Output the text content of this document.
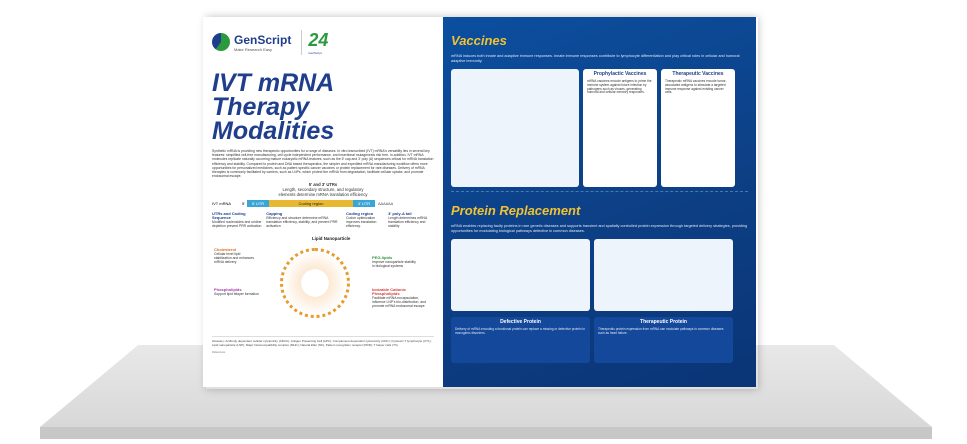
GenScript
Make Research Easy	24
GenScript
IVT mRNA Therapy
Modalities

Synthetic mRNA is providing new therapeutic opportunities for a range of diseases. In vitro transcribed (IVT) mRNA's versatility lies in several key features: simplified cell-free manufacturing, cell cycle independent performance, and insertional mutagenesis risk free. In addition, IVT mRNA molecules replicate naturally occurring mature eukaryotic mRNA features, such as the 5' cap and 3' poly (A) sequences critical for mRNA translation efficiency and stability. Compared to protein and DNA based therapeutics, the simpler and expedited mRNA manufacturing workflow offers more opportunities for personalized medicines, such as patient specific cancer vaccines or protein replacement for rare diseases. Delivery of mRNA therapies is commonly facilitated by carriers, such as LNPs, which protect the mRNA from degradation, facilitate cellular uptake, and promote endosomal escape.

5' and 3' UTRs
Length, secondary structure, and regulatory
elements determine mRNA translation efficiency
IVT mRNA	5'	5' UTR	Coding region	3' UTR	AAAAAA
UTRs and Coding Sequence
Modified nucleosides and uridine depletion prevent PRR activation
Capping
Efficiency and structure determine mRNA translation efficiency, stability, and prevent PRR activation
Coding region
Codon optimization improves translation efficiency.
3' poly-A tail
Length determines mRNA translation efficiency and stability
Lipid Nanoparticle
Cholesterol
Cellular level lipid stabilization and enhances mRNA delivery
Phospholipids
Support lipid bilayer formation
PEG-lipids
Improve nanoparticle stability in biological systems
Ionizable Cationic Phospholipids
Facilitate mRNA encapsulation, influence LNP's bio-distribution, and promote mRNA endosomal escape

Glossary: Antibody dependent cellular cytotoxicity (ADCC); Antigen Presenting Cell (APC); Complement dependent cytotoxicity (CDC); Cytotoxic T lymphocyte (CTL); Lipid nanoparticle (LNP); Major histocompatibility complex (MHC); Natural killer (NK); Pattern recognition receptor (PRR); T helper cells (Th).

References

Vaccines

mRNA induces both innate and adaptive immune responses. Innate immune responses contribute to lymphocyte differentiation and play critical roles in cellular and humoral adaptive immunity.

Prophylactic Vaccines
mRNA vaccines encode antigens to prime the immune system against future infection by pathogens such as viruses, generating humoral and cellular memory responses.
Therapeutic Vaccines
Therapeutic mRNA vaccines encode tumor-associated antigens to stimulate a targeted immune response against existing cancer cells.
Protein Replacement

mRNA enables replacing faulty proteins in rare genetic diseases and supports transient and spatially controlled protein expression through targeted delivery strategies, providing opportunities for modulating biological pathways defective in common diseases.

Defective Protein
Delivery of mRNA encoding a functional protein can replace a missing or defective protein in monogenic disorders.
Therapeutic Protein
Therapeutic protein expression from mRNA can modulate pathways in common diseases such as heart failure.
